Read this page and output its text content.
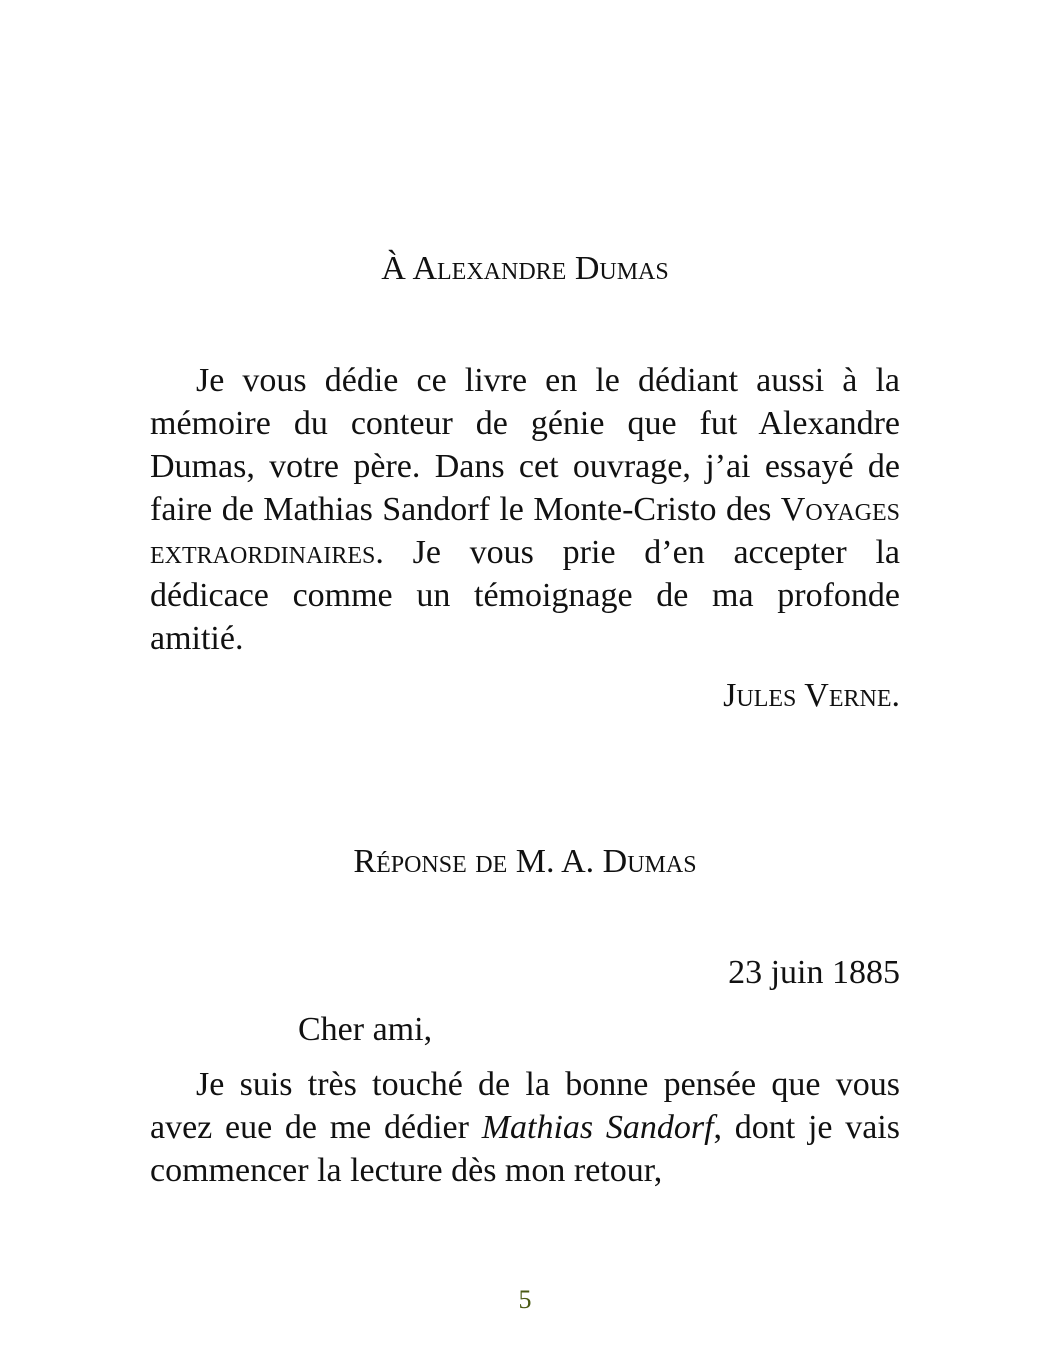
À Alexandre Dumas

Je vous dédie ce livre en le dédiant aussi à la mémoire du conteur de génie que fut Alexandre Dumas, votre père. Dans cet ouvrage, j’ai essayé de faire de Mathias Sandorf le Monte-Cristo des Voyages extraordinaires. Je vous prie d’en accepter la dédicace comme un témoignage de ma profonde amitié.

Jules Verne.

Réponse de M. A. Dumas

23 juin 1885

Cher ami,

Je suis très touché de la bonne pensée que vous avez eue de me dédier Mathias Sandorf, dont je vais commencer la lecture dès mon retour,

5
